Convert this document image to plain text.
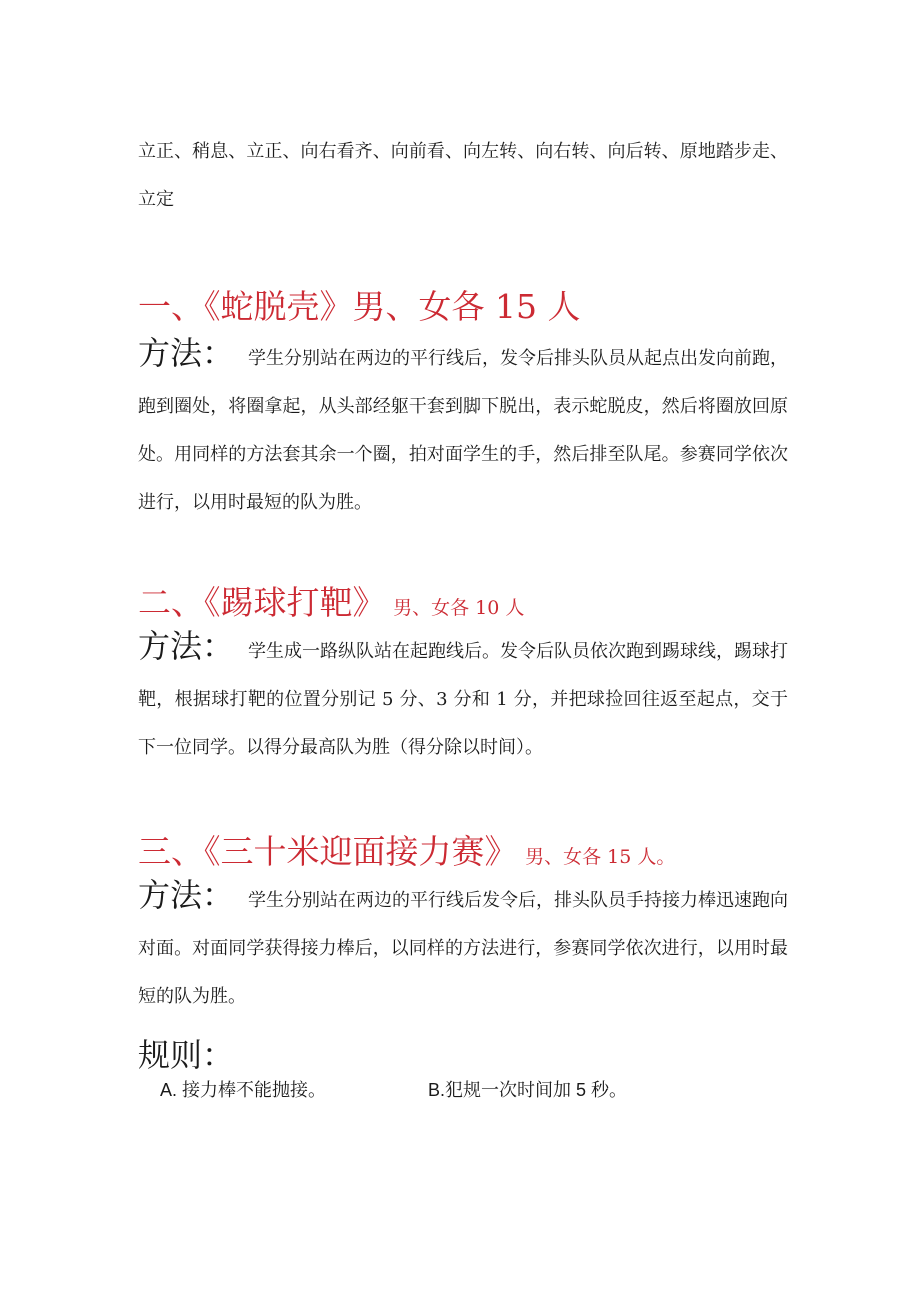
立正、稍息、立正、向右看齐、向前看、向左转、向右转、向后转、原地踏步走、立定

一、《蛇脱壳》男、女各 15 人

方法： 学生分别站在两边的平行线后，发令后排头队员从起点出发向前跑，跑到圈处，将圈拿起，从头部经躯干套到脚下脱出，表示蛇脱皮，然后将圈放回原处。用同样的方法套其余一个圈，拍对面学生的手，然后排至队尾。参赛同学依次进行，以用时最短的队为胜。

二、《踢球打靶》 男、女各 10 人

方法： 学生成一路纵队站在起跑线后。发令后队员依次跑到踢球线，踢球打靶，根据球打靶的位置分别记 5 分、3 分和 1 分，并把球捡回往返至起点，交于下一位同学。以得分最高队为胜（得分除以时间）。

三、《三十米迎面接力赛》 男、女各 15 人。

方法： 学生分别站在两边的平行线后发令后，排头队员手持接力棒迅速跑向对面。对面同学获得接力棒后，以同样的方法进行，参赛同学依次进行，以用时最短的队为胜。

规则：
A. 接力棒不能抛接。	B.犯规一次时间加 5 秒。
